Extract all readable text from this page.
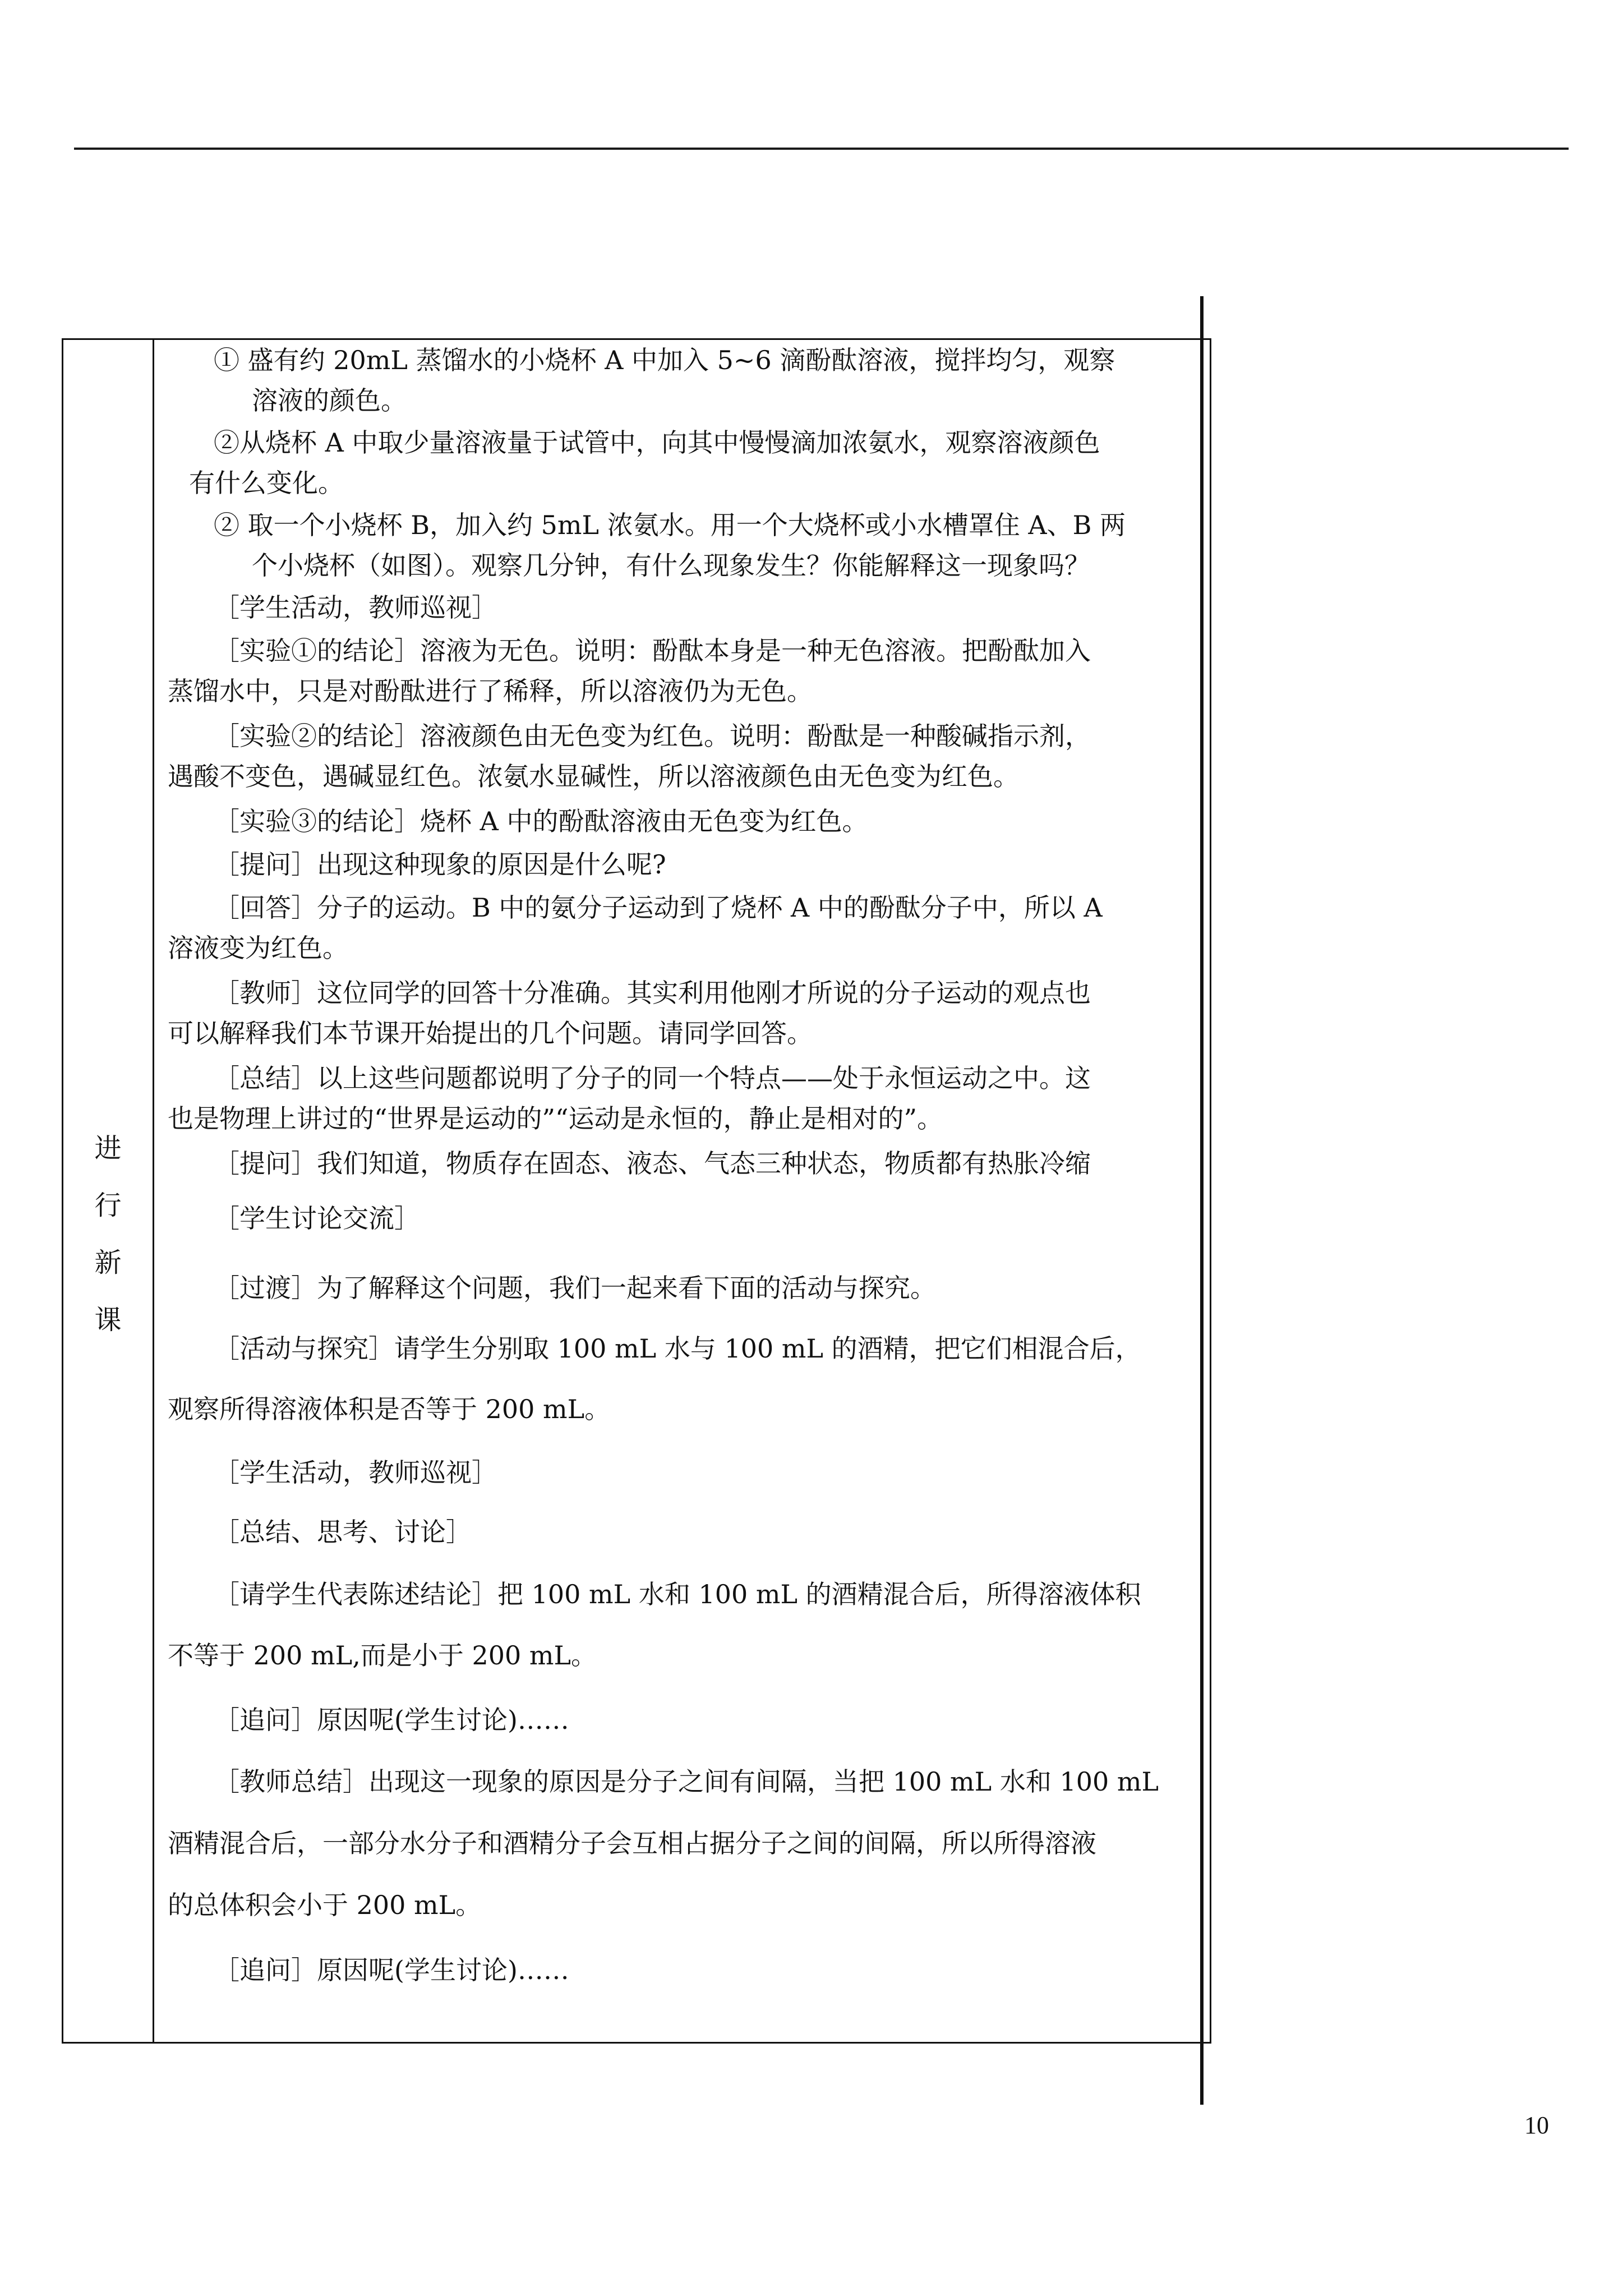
进
行
新
课
① 盛有约 20mL 蒸馏水的小烧杯 A 中加入 5~6 滴酚酞溶液，搅拌均匀，观察
溶液的颜色。
②从烧杯 A 中取少量溶液量于试管中，向其中慢慢滴加浓氨水，观察溶液颜色
有什么变化。
② 取一个小烧杯 B，加入约 5mL 浓氨水。用一个大烧杯或小水槽罩住 A、B 两
个小烧杯（如图）。观察几分钟，有什么现象发生？你能解释这一现象吗？
［学生活动，教师巡视］
［实验①的结论］溶液为无色。说明：酚酞本身是一种无色溶液。把酚酞加入
蒸馏水中，只是对酚酞进行了稀释，所以溶液仍为无色。
［实验②的结论］溶液颜色由无色变为红色。说明：酚酞是一种酸碱指示剂，
遇酸不变色，遇碱显红色。浓氨水显碱性，所以溶液颜色由无色变为红色。
［实验③的结论］烧杯 A 中的酚酞溶液由无色变为红色。
［提问］出现这种现象的原因是什么呢?
［回答］分子的运动。B 中的氨分子运动到了烧杯 A 中的酚酞分子中，所以 A
溶液变为红色。
［教师］这位同学的回答十分准确。其实利用他刚才所说的分子运动的观点也
可以解释我们本节课开始提出的几个问题。请同学回答。
［总结］以上这些问题都说明了分子的同一个特点——处于永恒运动之中。这
也是物理上讲过的“世界是运动的”“运动是永恒的，静止是相对的”。
［提问］我们知道，物质存在固态、液态、气态三种状态，物质都有热胀冷缩
［学生讨论交流］
［过渡］为了解释这个问题，我们一起来看下面的活动与探究。
［活动与探究］请学生分别取 100 mL 水与 100 mL 的酒精，把它们相混合后，
观察所得溶液体积是否等于 200 mL。
［学生活动，教师巡视］
［总结、思考、讨论］
［请学生代表陈述结论］把 100 mL 水和 100 mL 的酒精混合后，所得溶液体积
不等于 200 mL,而是小于 200 mL。
［追问］原因呢(学生讨论)……
［教师总结］出现这一现象的原因是分子之间有间隔，当把 100 mL 水和 100 mL
酒精混合后，一部分水分子和酒精分子会互相占据分子之间的间隔，所以所得溶液
的总体积会小于 200 mL。
［追问］原因呢(学生讨论)……
10
